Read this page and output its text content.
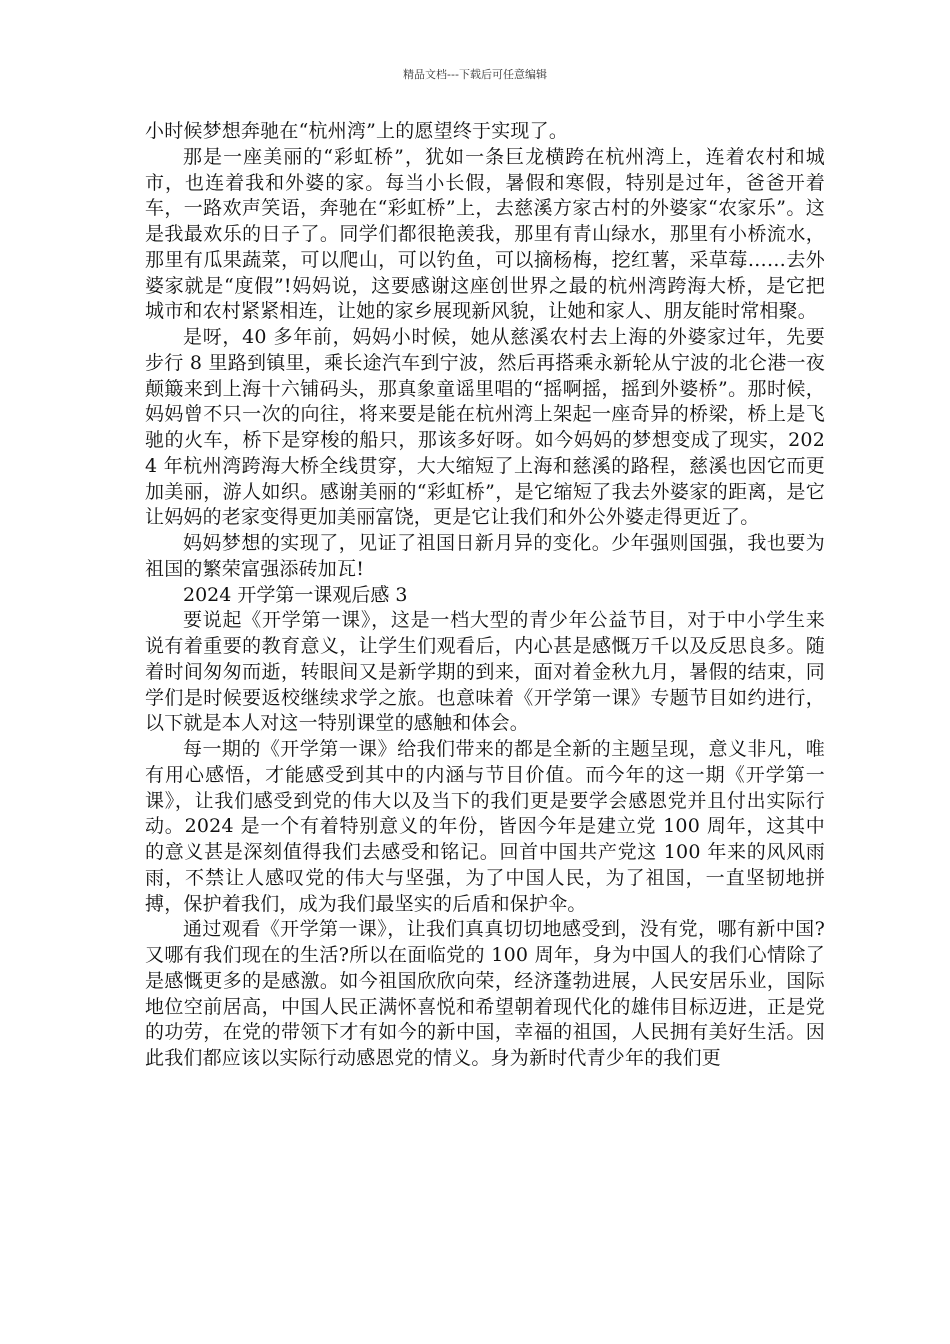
精品文档---下载后可任意编辑

小时候梦想奔驰在“杭州湾”上的愿望终于实现了。

那是一座美丽的“彩虹桥”，犹如一条巨龙横跨在杭州湾上，连着农村和城市，也连着我和外婆的家。每当小长假，暑假和寒假，特别是过年，爸爸开着车，一路欢声笑语，奔驰在“彩虹桥”上，去慈溪方家古村的外婆家“农家乐”。这是我最欢乐的日子了。同学们都很艳羡我，那里有青山绿水，那里有小桥流水，那里有瓜果蔬菜，可以爬山，可以钓鱼，可以摘杨梅，挖红薯，采草莓……去外婆家就是“度假”!妈妈说，这要感谢这座创世界之最的杭州湾跨海大桥，是它把城市和农村紧紧相连，让她的家乡展现新风貌，让她和家人、朋友能时常相聚。

是呀，40 多年前，妈妈小时候，她从慈溪农村去上海的外婆家过年，先要步行 8 里路到镇里，乘长途汽车到宁波，然后再搭乘永新轮从宁波的北仑港一夜颠簸来到上海十六铺码头，那真象童谣里唱的“摇啊摇，摇到外婆桥”。那时候，妈妈曾不只一次的向往，将来要是能在杭州湾上架起一座奇异的桥梁，桥上是飞驰的火车，桥下是穿梭的船只，那该多好呀。如今妈妈的梦想变成了现实，2024 年杭州湾跨海大桥全线贯穿，大大缩短了上海和慈溪的路程，慈溪也因它而更加美丽，游人如织。感谢美丽的“彩虹桥”，是它缩短了我去外婆家的距离，是它让妈妈的老家变得更加美丽富饶，更是它让我们和外公外婆走得更近了。

妈妈梦想的实现了，见证了祖国日新月异的变化。少年强则国强，我也要为祖国的繁荣富强添砖加瓦!

2024 开学第一课观后感 3

要说起《开学第一课》，这是一档大型的青少年公益节目，对于中小学生来说有着重要的教育意义，让学生们观看后，内心甚是感慨万千以及反思良多。随着时间匆匆而逝，转眼间又是新学期的到来，面对着金秋九月，暑假的结束，同学们是时候要返校继续求学之旅。也意味着《开学第一课》专题节目如约进行，以下就是本人对这一特别课堂的感触和体会。

每一期的《开学第一课》给我们带来的都是全新的主题呈现，意义非凡，唯有用心感悟，才能感受到其中的内涵与节目价值。而今年的这一期《开学第一课》，让我们感受到党的伟大以及当下的我们更是要学会感恩党并且付出实际行动。2024 是一个有着特别意义的年份，皆因今年是建立党 100 周年，这其中的意义甚是深刻值得我们去感受和铭记。回首中国共产党这 100 年来的风风雨雨，不禁让人感叹党的伟大与坚强，为了中国人民，为了祖国，一直坚韧地拼搏，保护着我们，成为我们最坚实的后盾和保护伞。

通过观看《开学第一课》，让我们真真切切地感受到，没有党，哪有新中国?又哪有我们现在的生活?所以在面临党的 100 周年，身为中国人的我们心情除了是感慨更多的是感激。如今祖国欣欣向荣，经济蓬勃进展，人民安居乐业，国际地位空前居高，中国人民正满怀喜悦和希望朝着现代化的雄伟目标迈进，正是党的功劳，在党的带领下才有如今的新中国，幸福的祖国，人民拥有美好生活。因此我们都应该以实际行动感恩党的情义。身为新时代青少年的我们更
